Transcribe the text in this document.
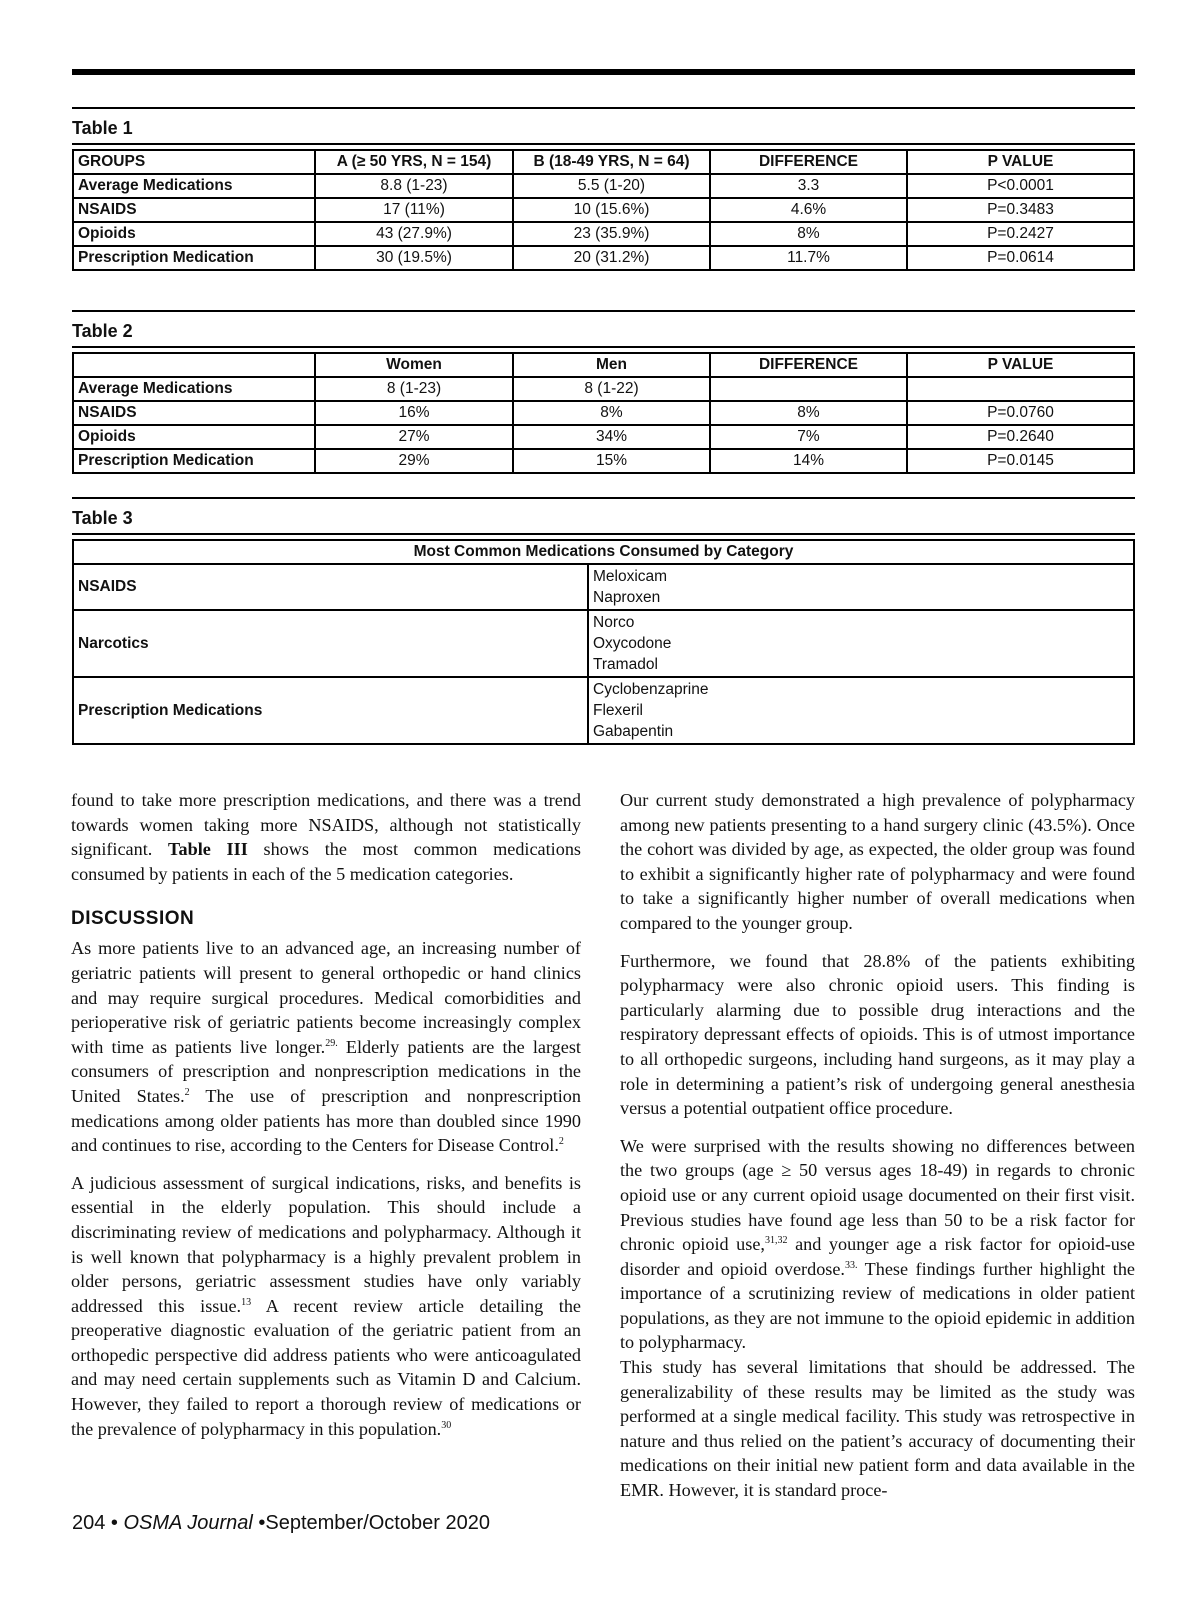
Table 1
GROUPS	A (≥ 50 YRS, N = 154)	B (18-49 YRS, N = 64)	DIFFERENCE	P VALUE
Average Medications	8.8 (1-23)	5.5 (1-20)	3.3	P<0.0001
NSAIDS	17 (11%)	10 (15.6%)	4.6%	P=0.3483
Opioids	43 (27.9%)	23 (35.9%)	8%	P=0.2427
Prescription Medication	30 (19.5%)	20 (31.2%)	11.7%	P=0.0614
Table 2
	Women	Men	DIFFERENCE	P VALUE
Average Medications	8 (1-23)	8 (1-22)		
NSAIDS	16%	8%	8%	P=0.0760
Opioids	27%	34%	7%	P=0.2640
Prescription Medication	29%	15%	14%	P=0.0145
Table 3
Most Common Medications Consumed by Category	
NSAIDS	Meloxicam
Naproxen

Narcotics	Norco
Oxycodone
Tramadol

Prescription Medications	Cyclobenzaprine
Flexeril
Gabapentin

found to take more prescription medications, and there was a trend towards women taking more NSAIDS, although not statistically significant. Table III shows the most common medications consumed by patients in each of the 5 medication categories.

DISCUSSION

As more patients live to an advanced age, an increasing number of geriatric patients will present to general orthopedic or hand clinics and may require surgical procedures. Medical comorbidities and perioperative risk of geriatric patients become increasingly complex with time as patients live longer.$^{29.}$ Elderly patients are the largest consumers of prescription and nonprescription medications in the United States.$^2$ The use of prescription and nonprescription medications among older patients has more than doubled since 1990 and continues to rise, according to the Centers for Disease Control.$^2$

A judicious assessment of surgical indications, risks, and benefits is essential in the elderly population. This should include a discriminating review of medications and polypharmacy. Although it is well known that polypharmacy is a highly prevalent problem in older persons, geriatric assessment studies have only variably addressed this issue.$^{13}$ A recent review article detailing the preoperative diagnostic evaluation of the geriatric patient from an orthopedic perspective did address patients who were anticoagulated and may need certain supplements such as Vitamin D and Calcium. However, they failed to report a thorough review of medications or the prevalence of polypharmacy in this population.$^{30}$

Our current study demonstrated a high prevalence of polypharmacy among new patients presenting to a hand surgery clinic (43.5%). Once the cohort was divided by age, as expected, the older group was found to exhibit a significantly higher rate of polypharmacy and were found to take a significantly higher number of overall medications when compared to the younger group.

Furthermore, we found that 28.8% of the patients exhibiting polypharmacy were also chronic opioid users. This finding is particularly alarming due to possible drug interactions and the respiratory depressant effects of opioids. This is of utmost importance to all orthopedic surgeons, including hand surgeons, as it may play a role in determining a patient’s risk of undergoing general anesthesia versus a potential outpatient office procedure.

We were surprised with the results showing no differences between the two groups (age ≥ 50 versus ages 18-49) in regards to chronic opioid use or any current opioid usage documented on their first visit. Previous studies have found age less than 50 to be a risk factor for chronic opioid use,$^{31,32}$ and younger age a risk factor for opioid-use disorder and opioid overdose.$^{33.}$ These findings further highlight the importance of a scrutinizing review of medications in older patient populations, as they are not immune to the opioid epidemic in addition to polypharmacy.

This study has several limitations that should be addressed. The generalizability of these results may be limited as the study was performed at a single medical facility. This study was retrospective in nature and thus relied on the patient’s accuracy of documenting their medications on their initial new patient form and data available in the EMR. However, it is standard proce-

204 • OSMA Journal •September/October 2020
